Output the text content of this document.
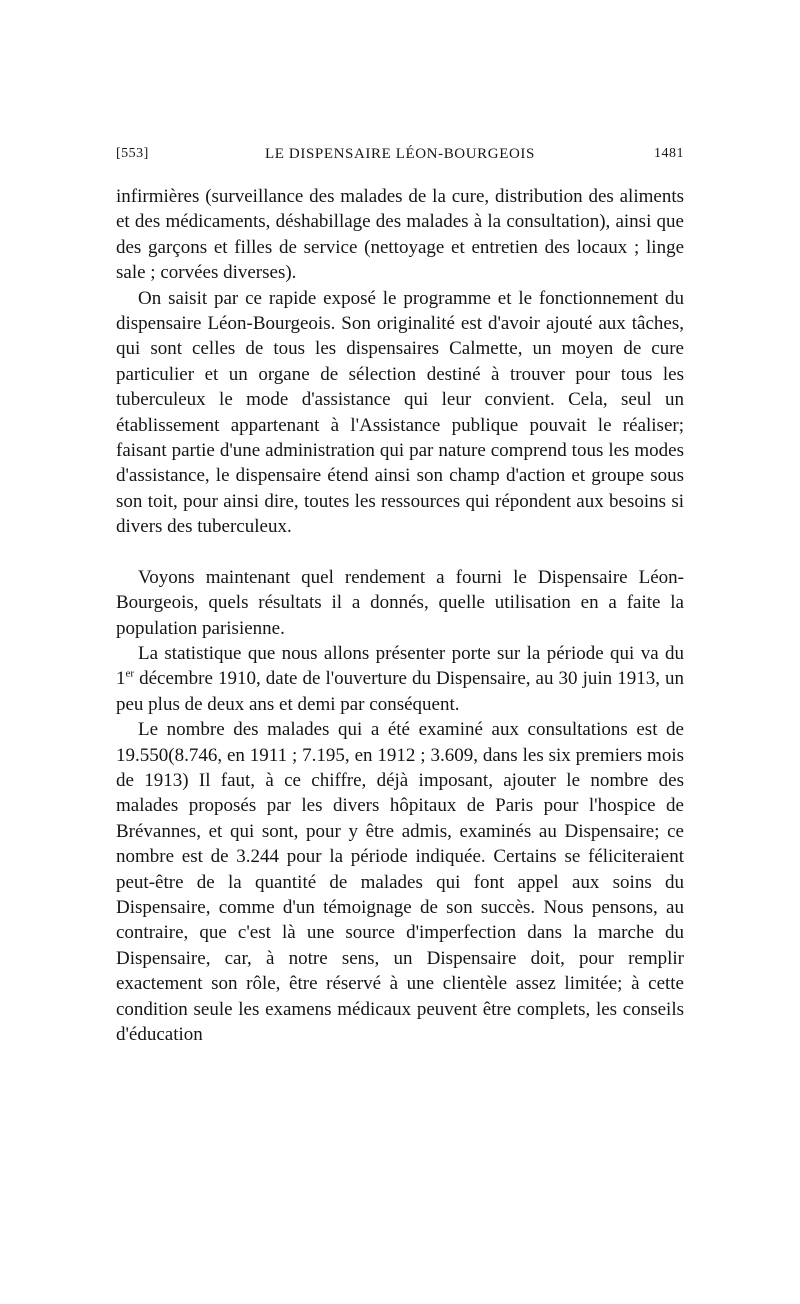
[553]	LE DISPENSAIRE LÉON-BOURGEOIS	1481

infirmières (surveillance des malades de la cure, distribution des aliments et des médicaments, déshabillage des malades à la consultation), ainsi que des garçons et filles de service (nettoyage et entretien des locaux ; linge sale ; corvées diverses).

On saisit par ce rapide exposé le programme et le fonctionnement du dispensaire Léon-Bourgeois. Son originalité est d'avoir ajouté aux tâches, qui sont celles de tous les dispensaires Calmette, un moyen de cure particulier et un organe de sélection destiné à trouver pour tous les tuberculeux le mode d'assistance qui leur convient. Cela, seul un établissement appartenant à l'Assistance publique pouvait le réaliser; faisant partie d'une administration qui par nature comprend tous les modes d'assistance, le dispensaire étend ainsi son champ d'action et groupe sous son toit, pour ainsi dire, toutes les ressources qui répondent aux besoins si divers des tuberculeux.

Voyons maintenant quel rendement a fourni le Dispensaire Léon-Bourgeois, quels résultats il a donnés, quelle utilisation en a faite la population parisienne.

La statistique que nous allons présenter porte sur la période qui va du 1er décembre 1910, date de l'ouverture du Dispensaire, au 30 juin 1913, un peu plus de deux ans et demi par conséquent.

Le nombre des malades qui a été examiné aux consultations est de 19.550(8.746, en 1911 ; 7.195, en 1912 ; 3.609, dans les six premiers mois de 1913) Il faut, à ce chiffre, déjà imposant, ajouter le nombre des malades proposés par les divers hôpitaux de Paris pour l'hospice de Brévannes, et qui sont, pour y être admis, examinés au Dispensaire; ce nombre est de 3.244 pour la période indiquée. Certains se féliciteraient peut-être de la quantité de malades qui font appel aux soins du Dispensaire, comme d'un témoignage de son succès. Nous pensons, au contraire, que c'est là une source d'imperfection dans la marche du Dispensaire, car, à notre sens, un Dispensaire doit, pour remplir exactement son rôle, être réservé à une clientèle assez limitée; à cette condition seule les examens médicaux peuvent être complets, les conseils d'éducation
